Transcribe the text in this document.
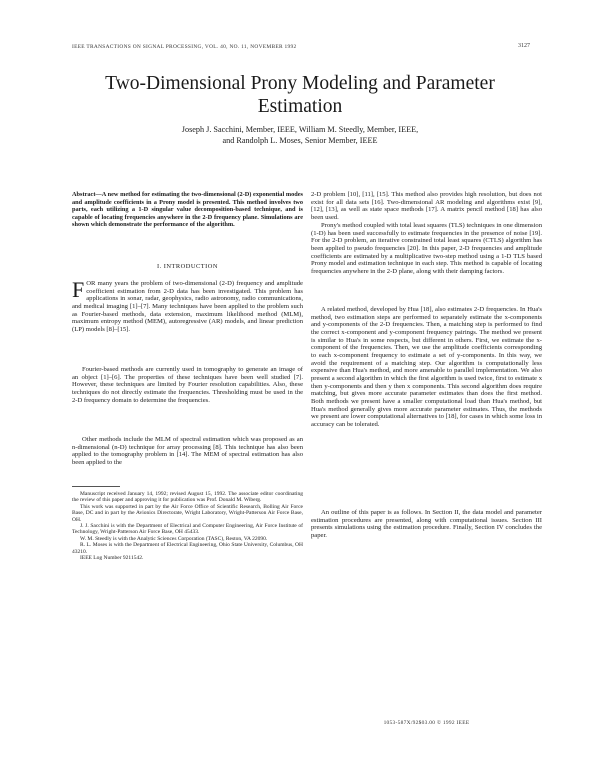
IEEE TRANSACTIONS ON SIGNAL PROCESSING, VOL. 40, NO. 11, NOVEMBER 1992	3127
Two-Dimensional Prony Modeling and Parameter
Estimation
Joseph J. Sacchini, Member, IEEE, William M. Steedly, Member, IEEE,
and Randolph L. Moses, Senior Member, IEEE
Abstract—A new method for estimating the two-dimensional (2-D) exponential modes and amplitude coefficients in a Prony model is presented. This method involves two parts, each utilizing a 1-D singular value decomposition-based technique, and is capable of locating frequencies anywhere in the 2-D frequency plane. Simulations are shown which demonstrate the performance of the algorithm.
I. INTRODUCTION
FOR many years the problem of two-dimensional (2-D) frequency and amplitude coefficient estimation from 2-D data has been investigated. This problem has applications in sonar, radar, geophysics, radio astronomy, radio communications, and medical imaging [1]–[7]. Many techniques have been applied to the problem such as Fourier-based methods, data extension, maximum likelihood method (MLM), maximum entropy method (MEM), autoregressive (AR) models, and linear prediction (LP) models [8]–[15].
Fourier-based methods are currently used in tomography to generate an image of an object [1]–[6]. The properties of these techniques have been well studied [7]. However, these techniques are limited by Fourier resolution capabilities. Also, these techniques do not directly estimate the frequencies. Thresholding must be used in the 2-D frequency domain to determine the frequencies.
Other methods include the MLM of spectral estimation which was proposed as an n-dimensional (n-D) technique for array processing [8]. This technique has also been applied to the tomography problem in [14]. The MEM of spectral estimation has also been applied to the

Manuscript received January 14, 1992; revised August 15, 1992. The associate editor coordinating the review of this paper and approving it for publication was Prof. Donald M. Wiberg.

This work was supported in part by the Air Force Office of Scientific Research, Bolling Air Force Base, DC and in part by the Avionics Directorate, Wright Laboratory, Wright-Patterson Air Force Base, OH.

J. J. Sacchini is with the Department of Electrical and Computer Engineering, Air Force Institute of Technology, Wright-Patterson Air Force Base, OH 45433.

W. M. Steedly is with the Analytic Sciences Corporation (TASC), Reston, VA 22090.

R. L. Moses is with the Department of Electrical Engineering, Ohio State University, Columbus, OH 43210.

IEEE Log Number 9211542.

2-D problem [10], [11], [15]. This method also provides high resolution, but does not exist for all data sets [16]. Two-dimensional AR modeling and algorithms exist [9], [12], [13], as well as state space methods [17]. A matrix pencil method [18] has also been used.
Prony's method coupled with total least squares (TLS) techniques in one dimension (1-D) has been used successfully to estimate frequencies in the presence of noise [19]. For the 2-D problem, an iterative constrained total least squares (CTLS) algorithm has been applied to pseudo frequencies [20]. In this paper, 2-D frequencies and amplitude coefficients are estimated by a multiplicative two-step method using a 1-D TLS based Prony model and estimation technique in each step. This method is capable of locating frequencies anywhere in the 2-D plane, along with their damping factors.
A related method, developed by Hua [18], also estimates 2-D frequencies. In Hua's method, two estimation steps are performed to separately estimate the x-components and y-components of the 2-D frequencies. Then, a matching step is performed to find the correct x-component and y-component frequency pairings. The method we present is similar to Hua's in some respects, but different in others. First, we estimate the x-component of the frequencies. Then, we use the amplitude coefficients corresponding to each x-component frequency to estimate a set of y-components. In this way, we avoid the requirement of a matching step. Our algorithm is computationally less expensive than Hua's method, and more amenable to parallel implementation. We also present a second algorithm in which the first algorithm is used twice, first to estimate x then y-components and then y then x components. This second algorithm does require matching, but gives more accurate parameter estimates than does the first method. Both methods we present have a smaller computational load than Hua's method, but Hua's method generally gives more accurate parameter estimates. Thus, the methods we present are lower computational alternatives to [18], for cases in which some loss in accuracy can be tolerated.
An outline of this paper is as follows. In Section II, the data model and parameter estimation procedures are presented, along with computational issues. Section III presents simulations using the estimation procedure. Finally, Section IV concludes the paper.
1053-587X/92$03.00 © 1992 IEEE
